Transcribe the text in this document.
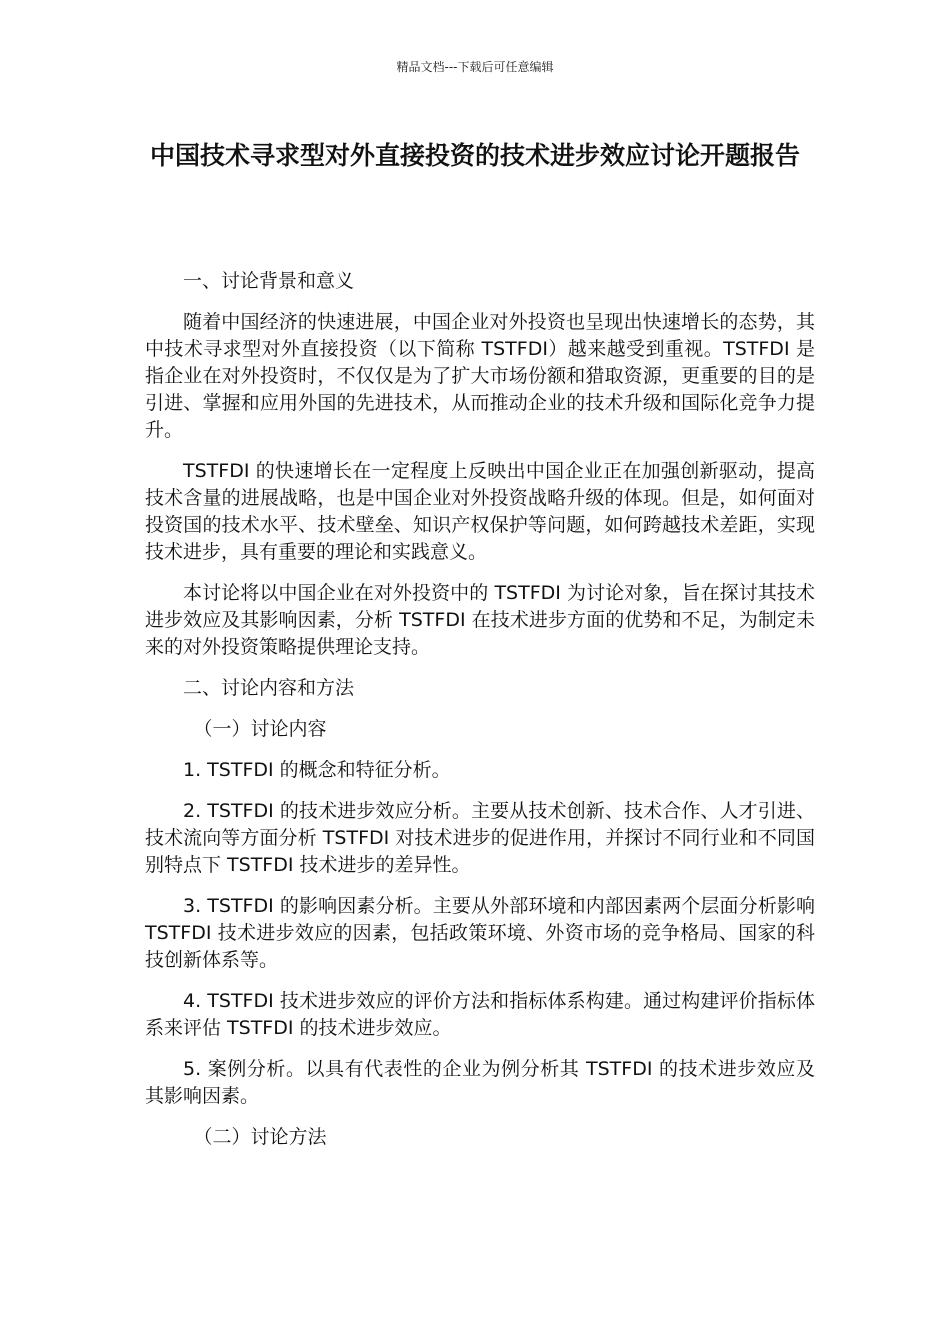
精品文档---下载后可任意编辑
中国技术寻求型对外直接投资的技术进步效应讨论开题报告

一、讨论背景和意义

随着中国经济的快速进展，中国企业对外投资也呈现出快速增长的态势，其中技术寻求型对外直接投资（以下简称 TSTFDI）越来越受到重视。TSTFDI 是指企业在对外投资时，不仅仅是为了扩大市场份额和猎取资源，更重要的目的是引进、掌握和应用外国的先进技术，从而推动企业的技术升级和国际化竞争力提升。

TSTFDI 的快速增长在一定程度上反映出中国企业正在加强创新驱动，提高技术含量的进展战略，也是中国企业对外投资战略升级的体现。但是，如何面对投资国的技术水平、技术壁垒、知识产权保护等问题，如何跨越技术差距，实现技术进步，具有重要的理论和实践意义。

本讨论将以中国企业在对外投资中的 TSTFDI 为讨论对象，旨在探讨其技术进步效应及其影响因素，分析 TSTFDI 在技术进步方面的优势和不足，为制定未来的对外投资策略提供理论支持。

二、讨论内容和方法

（一）讨论内容

1. TSTFDI 的概念和特征分析。

2. TSTFDI 的技术进步效应分析。主要从技术创新、技术合作、人才引进、技术流向等方面分析 TSTFDI 对技术进步的促进作用，并探讨不同行业和不同国别特点下 TSTFDI 技术进步的差异性。

3. TSTFDI 的影响因素分析。主要从外部环境和内部因素两个层面分析影响 TSTFDI 技术进步效应的因素，包括政策环境、外资市场的竞争格局、国家的科技创新体系等。

4. TSTFDI 技术进步效应的评价方法和指标体系构建。通过构建评价指标体系来评估 TSTFDI 的技术进步效应。

5. 案例分析。以具有代表性的企业为例分析其 TSTFDI 的技术进步效应及其影响因素。

（二）讨论方法
